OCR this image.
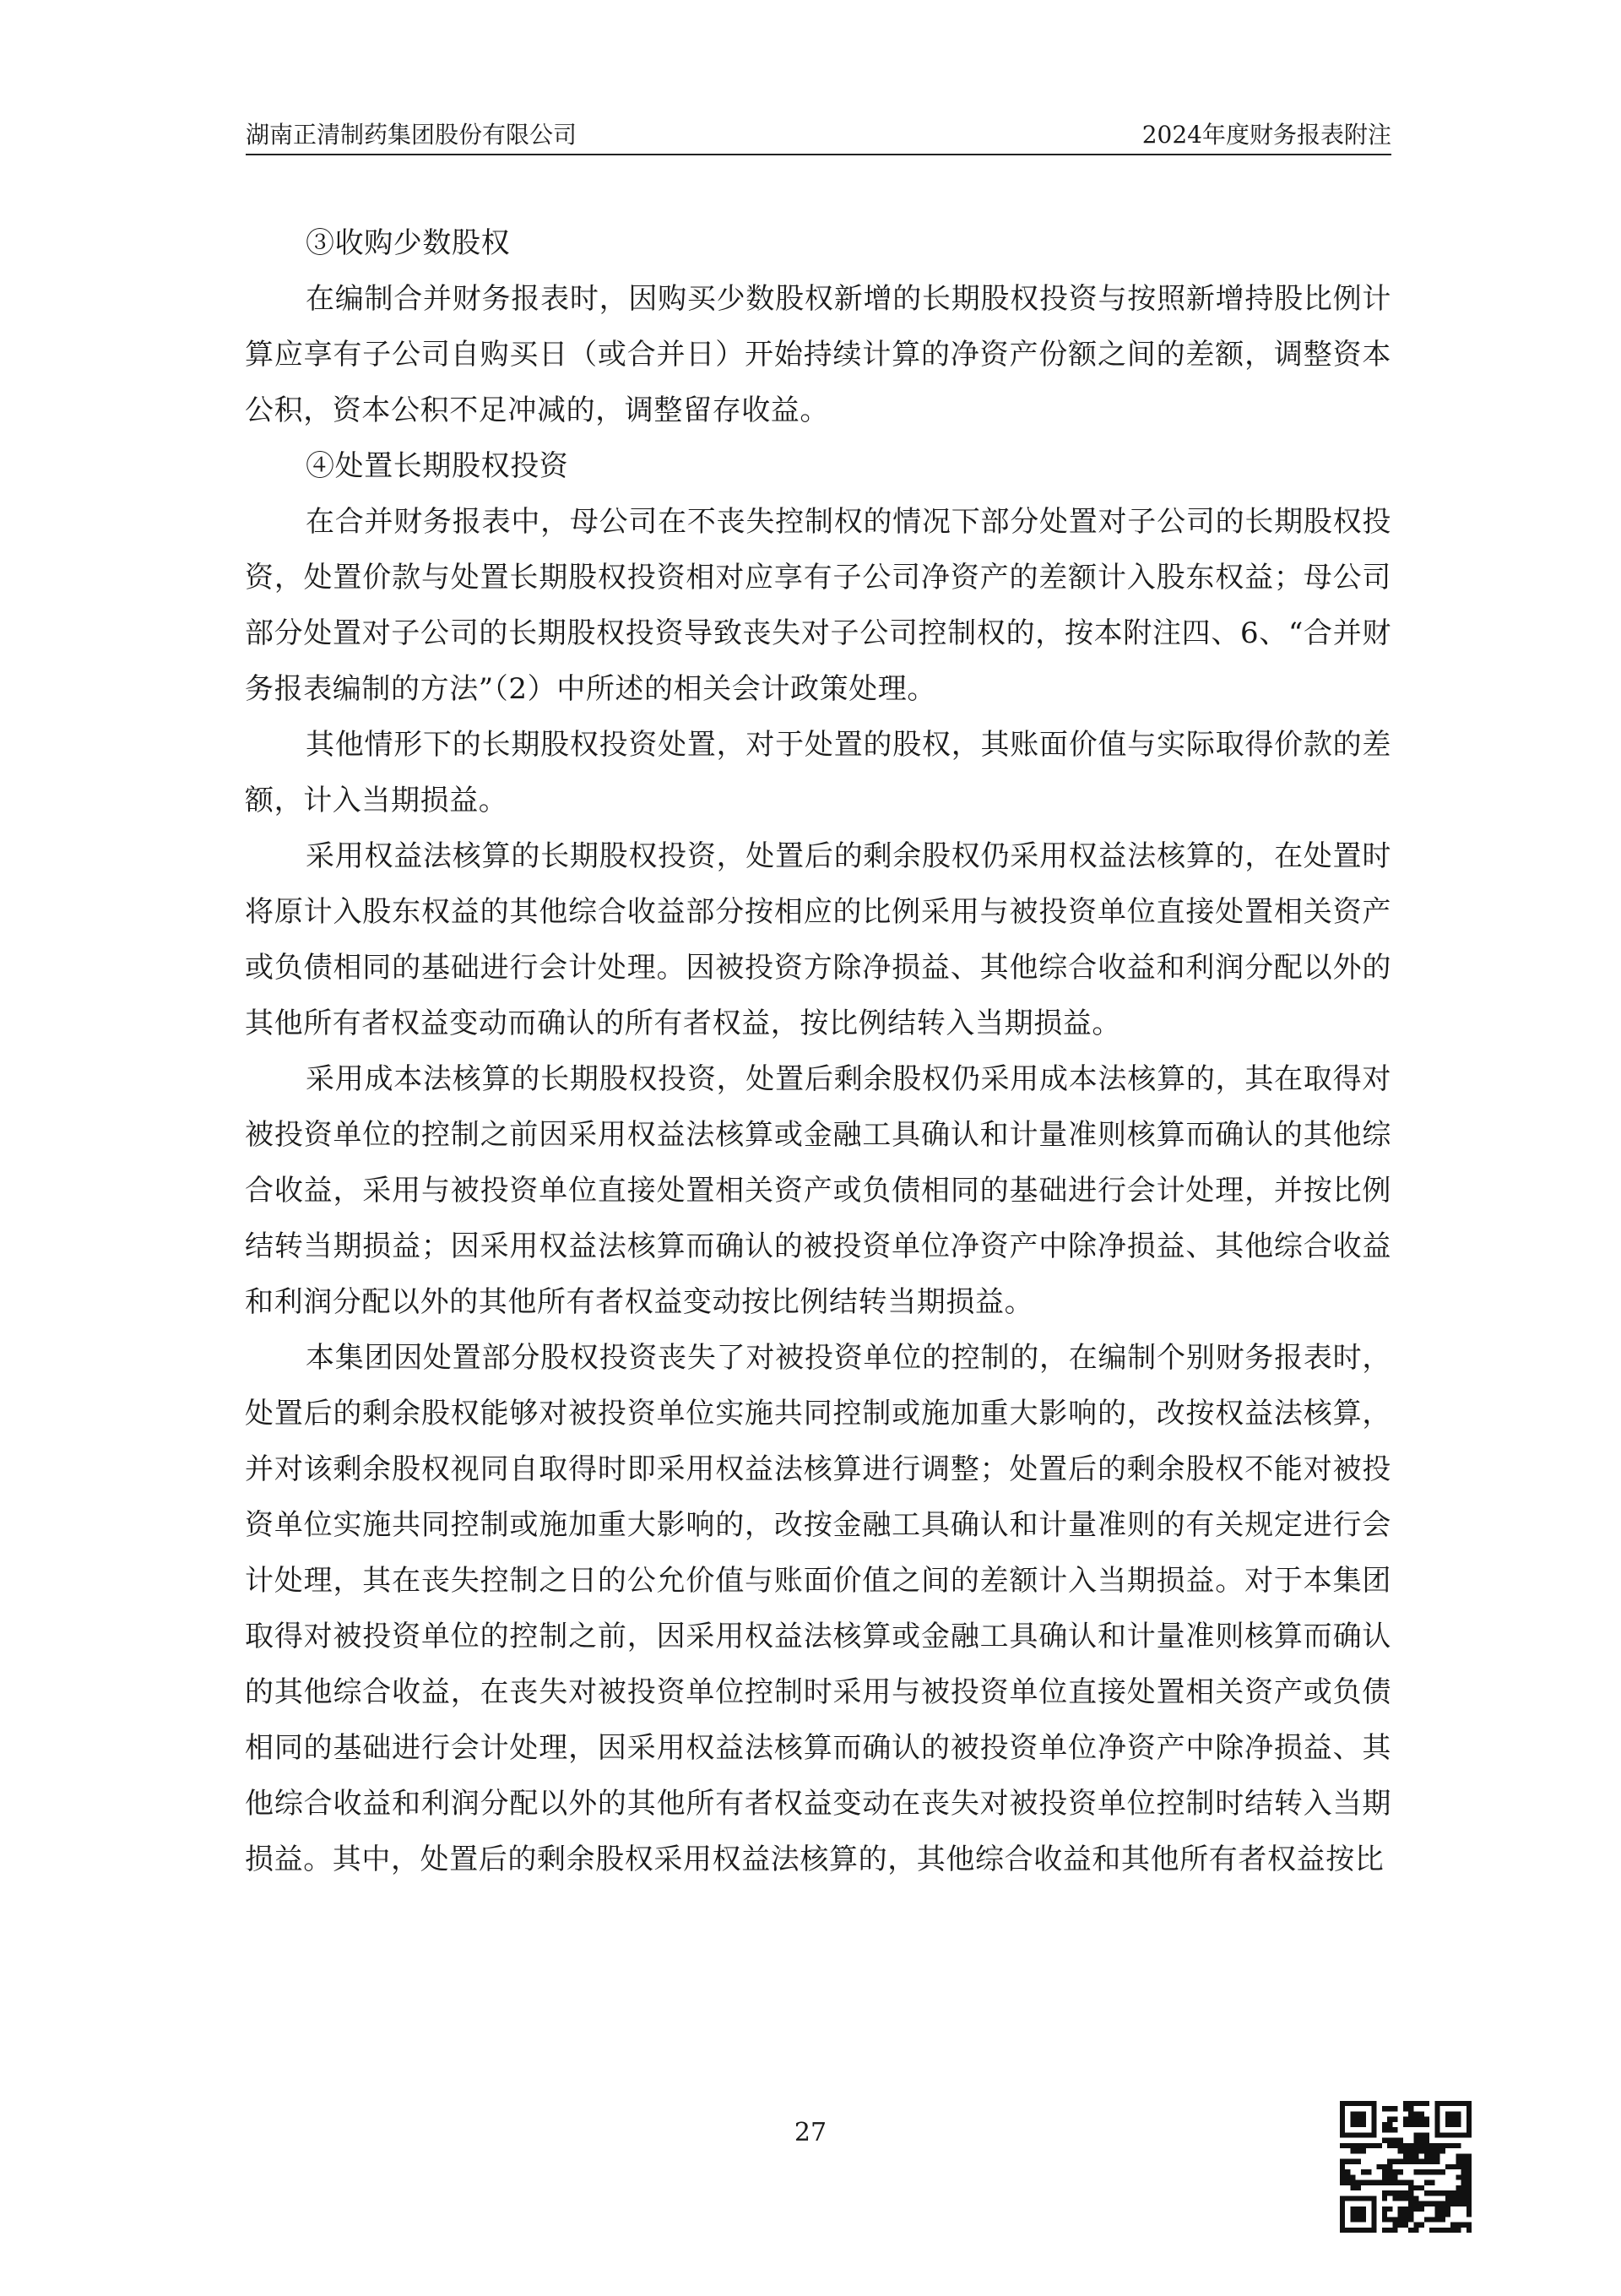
湖南正清制药集团股份有限公司	2024年度财务报表附注

③收购少数股权

在编制合并财务报表时，因购买少数股权新增的长期股权投资与按照新增持股比例计算应享有子公司自购买日（或合并日）开始持续计算的净资产份额之间的差额，调整资本公积，资本公积不足冲减的，调整留存收益。

④处置长期股权投资

在合并财务报表中，母公司在不丧失控制权的情况下部分处置对子公司的长期股权投资，处置价款与处置长期股权投资相对应享有子公司净资产的差额计入股东权益；母公司部分处置对子公司的长期股权投资导致丧失对子公司控制权的，按本附注四、6、“合并财务报表编制的方法”（2）中所述的相关会计政策处理。

其他情形下的长期股权投资处置，对于处置的股权，其账面价值与实际取得价款的差额，计入当期损益。

采用权益法核算的长期股权投资，处置后的剩余股权仍采用权益法核算的，在处置时将原计入股东权益的其他综合收益部分按相应的比例采用与被投资单位直接处置相关资产或负债相同的基础进行会计处理。因被投资方除净损益、其他综合收益和利润分配以外的其他所有者权益变动而确认的所有者权益，按比例结转入当期损益。

采用成本法核算的长期股权投资，处置后剩余股权仍采用成本法核算的，其在取得对被投资单位的控制之前因采用权益法核算或金融工具确认和计量准则核算而确认的其他综合收益，采用与被投资单位直接处置相关资产或负债相同的基础进行会计处理，并按比例结转当期损益；因采用权益法核算而确认的被投资单位净资产中除净损益、其他综合收益和利润分配以外的其他所有者权益变动按比例结转当期损益。

本集团因处置部分股权投资丧失了对被投资单位的控制的，在编制个别财务报表时，处置后的剩余股权能够对被投资单位实施共同控制或施加重大影响的，改按权益法核算，并对该剩余股权视同自取得时即采用权益法核算进行调整；处置后的剩余股权不能对被投资单位实施共同控制或施加重大影响的，改按金融工具确认和计量准则的有关规定进行会计处理，其在丧失控制之日的公允价值与账面价值之间的差额计入当期损益。对于本集团取得对被投资单位的控制之前，因采用权益法核算或金融工具确认和计量准则核算而确认的其他综合收益，在丧失对被投资单位控制时采用与被投资单位直接处置相关资产或负债相同的基础进行会计处理，因采用权益法核算而确认的被投资单位净资产中除净损益、其他综合收益和利润分配以外的其他所有者权益变动在丧失对被投资单位控制时结转入当期损益。其中，处置后的剩余股权采用权益法核算的，其他综合收益和其他所有者权益按比

27
